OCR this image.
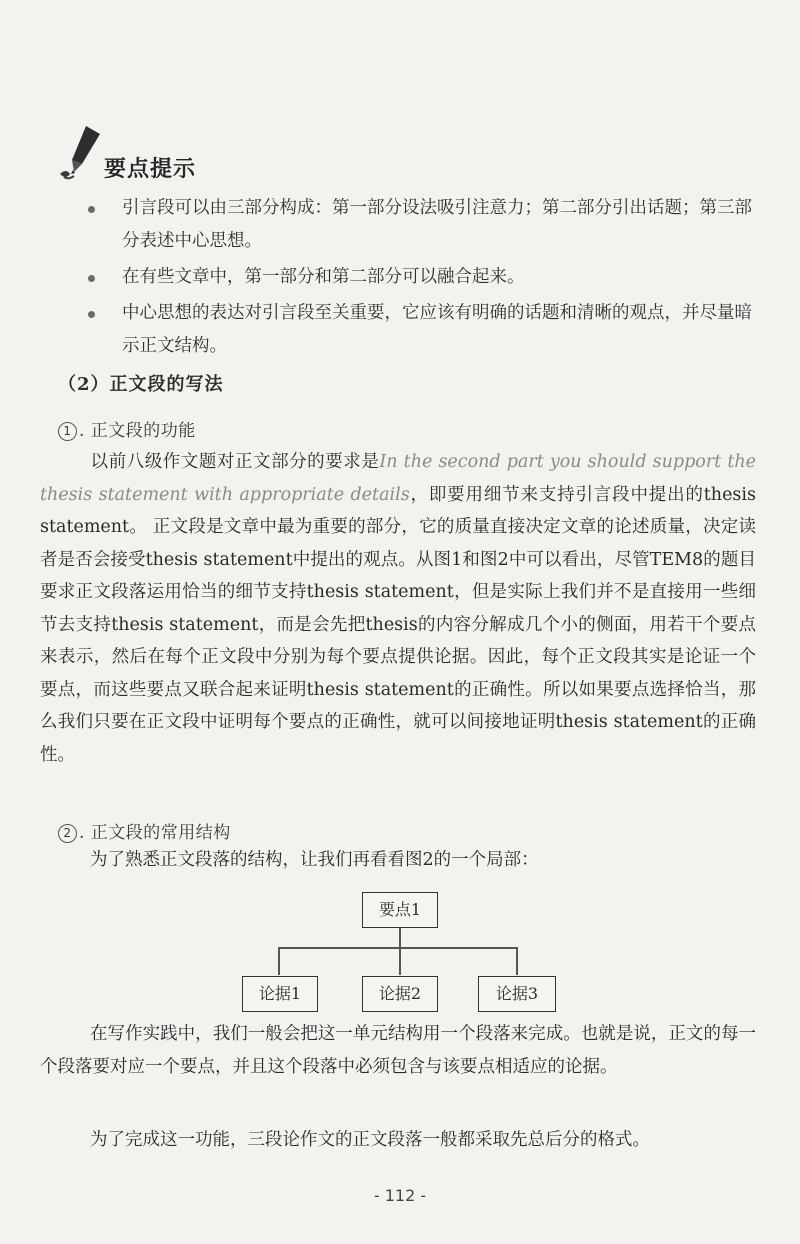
要点提示
引言段可以由三部分构成：第一部分设法吸引注意力；第二部分引出话题；第三部分表述中心思想。
在有些文章中，第一部分和第二部分可以融合起来。
中心思想的表达对引言段至关重要，它应该有明确的话题和清晰的观点，并尽量暗示正文结构。
（2）正文段的写法
1 . 正文段的功能

以前八级作文题对正文部分的要求是In the second part you should support the thesis statement with appropriate details，即要用细节来支持引言段中提出的thesis statement。 正文段是文章中最为重要的部分，它的质量直接决定文章的论述质量，决定读者是否会接受thesis statement中提出的观点。从图1和图2中可以看出，尽管TEM8的题目要求正文段落运用恰当的细节支持thesis statement，但是实际上我们并不是直接用一些细节去支持thesis statement，而是会先把thesis的内容分解成几个小的侧面，用若干个要点来表示，然后在每个正文段中分别为每个要点提供论据。因此，每个正文段其实是论证一个要点，而这些要点又联合起来证明thesis statement的正确性。所以如果要点选择恰当，那么我们只要在正文段中证明每个要点的正确性，就可以间接地证明thesis statement的正确性。

2 . 正文段的常用结构

为了熟悉正文段落的结构，让我们再看看图2的一个局部：

要点1
论据1	论据2	论据3

在写作实践中，我们一般会把这一单元结构用一个段落来完成。也就是说，正文的每一个段落要对应一个要点，并且这个段落中必须包含与该要点相适应的论据。

为了完成这一功能，三段论作文的正文段落一般都采取先总后分的格式。

- 112 -
